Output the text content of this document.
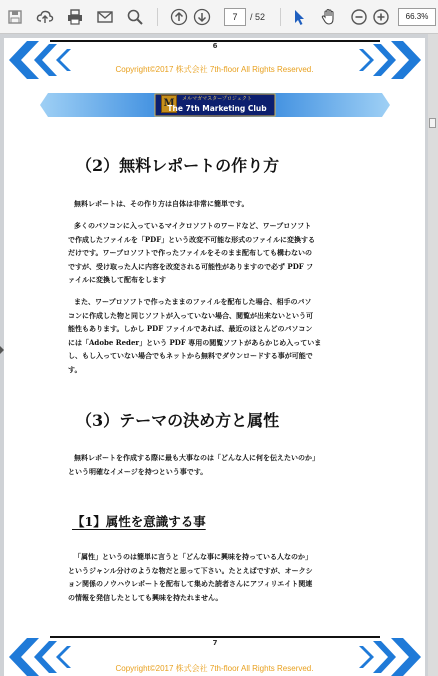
7	/ 52	66.3%
6
Copyright©2017 株式会社 7th-floor All Rights Reserved.
M	メルマガマスタープロジェクト
The 7th Marketing Club
（2）無料レポートの作り方
無料レポートは、その作り方は自体は非常に簡単です。
多くのパソコンに入っているマイクロソフトのワードなど、ワープロソフト
で作成したファイルを「PDF」という改変不可能な形式のファイルに変換する
だけです。ワープロソフトで作ったファイルをそのまま配布しても構わないの
ですが、受け取った人に内容を改変される可能性がありますので必ず PDF フ
ァイルに変換して配布をします
また、ワープロソフトで作ったままのファイルを配布した場合、相手のパソ
コンに作成した物と同じソフトが入っていない場合、閲覧が出来ないという可
能性もあります。しかし PDF ファイルであれば、最近のほとんどのパソコン
には「Adobe Reder」という PDF 専用の閲覧ソフトがあらかじめ入っていま
し、もし入っていない場合でもネットから無料でダウンロードする事が可能で
す。
（3）テーマの決め方と属性
無料レポートを作成する際に最も大事なのは「どんな人に何を伝えたいのか」
という明確なイメージを持つという事です。
【1】属性を意識する事
「属性」というのは簡単に言うと「どんな事に興味を持っている人なのか」
というジャンル分けのような物だと思って下さい。たとえばですが、オークシ
ョン関係のノウハウレポートを配布して集めた読者さんにアフィリエイト関連
の情報を発信したとしても興味を持たれません。
7
Copyright©2017 株式会社 7th-floor All Rights Reserved.
